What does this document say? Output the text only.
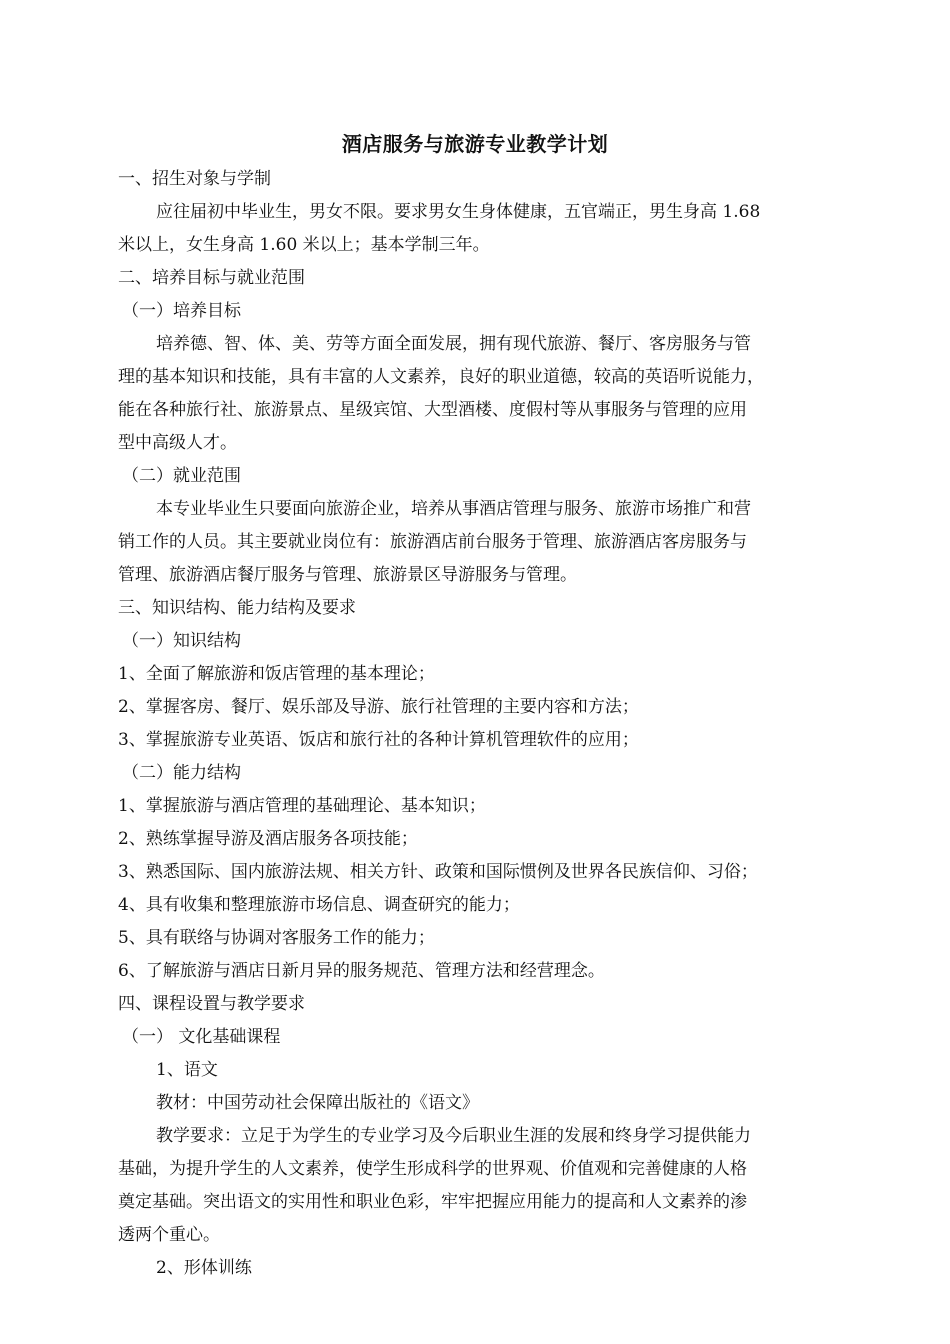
酒店服务与旅游专业教学计划
一、招生对象与学制
应往届初中毕业生，男女不限。要求男女生身体健康，五官端正，男生身高 1.68
米以上，女生身高 1.60 米以上；基本学制三年。
二、培养目标与就业范围
（一）培养目标
培养德、智、体、美、劳等方面全面发展，拥有现代旅游、餐厅、客房服务与管
理的基本知识和技能，具有丰富的人文素养，良好的职业道德，较高的英语听说能力，
能在各种旅行社、旅游景点、星级宾馆、大型酒楼、度假村等从事服务与管理的应用
型中高级人才。
（二）就业范围
本专业毕业生只要面向旅游企业，培养从事酒店管理与服务、旅游市场推广和营
销工作的人员。其主要就业岗位有：旅游酒店前台服务于管理、旅游酒店客房服务与
管理、旅游酒店餐厅服务与管理、旅游景区导游服务与管理。
三、知识结构、能力结构及要求
（一）知识结构
1、全面了解旅游和饭店管理的基本理论；
2、掌握客房、餐厅、娱乐部及导游、旅行社管理的主要内容和方法；
3、掌握旅游专业英语、饭店和旅行社的各种计算机管理软件的应用；
（二）能力结构
1、掌握旅游与酒店管理的基础理论、基本知识；
2、熟练掌握导游及酒店服务各项技能；
3、熟悉国际、国内旅游法规、相关方针、政策和国际惯例及世界各民族信仰、习俗；
4、具有收集和整理旅游市场信息、调查研究的能力；
5、具有联络与协调对客服务工作的能力；
6、了解旅游与酒店日新月异的服务规范、管理方法和经营理念。
四、课程设置与教学要求
（一） 文化基础课程
1、语文
教材：中国劳动社会保障出版社的《语文》
教学要求：立足于为学生的专业学习及今后职业生涯的发展和终身学习提供能力
基础，为提升学生的人文素养，使学生形成科学的世界观、价值观和完善健康的人格
奠定基础。突出语文的实用性和职业色彩，牢牢把握应用能力的提高和人文素养的渗
透两个重心。
2、形体训练
